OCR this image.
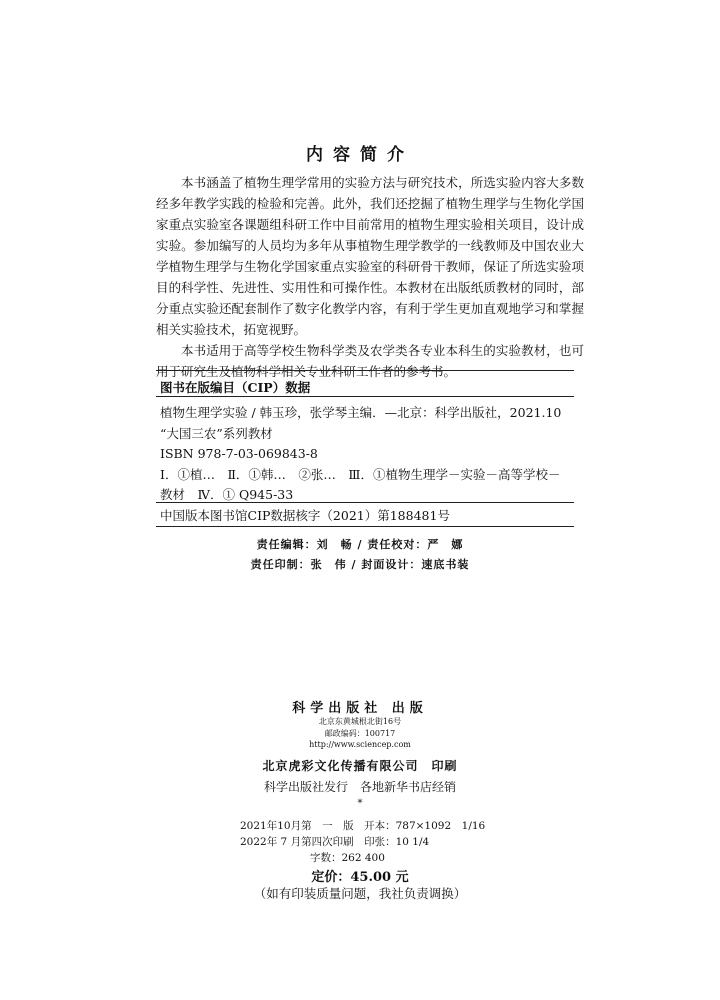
内容简介

本书涵盖了植物生理学常用的实验方法与研究技术，所选实验内容大多数经多年教学实践的检验和完善。此外，我们还挖掘了植物生理学与生物化学国家重点实验室各课题组科研工作中目前常用的植物生理实验相关项目，设计成实验。参加编写的人员均为多年从事植物生理学教学的一线教师及中国农业大学植物生理学与生物化学国家重点实验室的科研骨干教师，保证了所选实验项目的科学性、先进性、实用性和可操作性。本教材在出版纸质教材的同时，部分重点实验还配套制作了数字化教学内容，有利于学生更加直观地学习和掌握相关实验技术，拓宽视野。

本书适用于高等学校生物科学类及农学类各专业本科生的实验教材，也可用于研究生及植物科学相关专业科研工作者的参考书。

图书在版编目（CIP）数据
植物生理学实验 / 韩玉珍，张学琴主编．—北京：科学出版社，2021.10
“大国三农”系列教材
ISBN 978-7-03-069843-8
Ⅰ．①植…　Ⅱ．①韩…　②张…　Ⅲ．①植物生理学－实验－高等学校－
教材　Ⅳ．① Q945-33
中国版本图书馆CIP数据核字（2021）第188481号
责任编辑：刘　畅 / 责任校对：严　娜
责任印制：张　伟 / 封面设计：速底书装
科学出版社 出版
北京东黄城根北街16号
邮政编码：100717
http://www.sciencep.com
北京虎彩文化传播有限公司　印刷
科学出版社发行　各地新华书店经销
*
2021年10月第　一　版　开本：787×1092　1/16
2022年 7 月第四次印刷　印张：10 1/4
字数：262 400
定价：45.00 元
（如有印装质量问题，我社负责调换）
